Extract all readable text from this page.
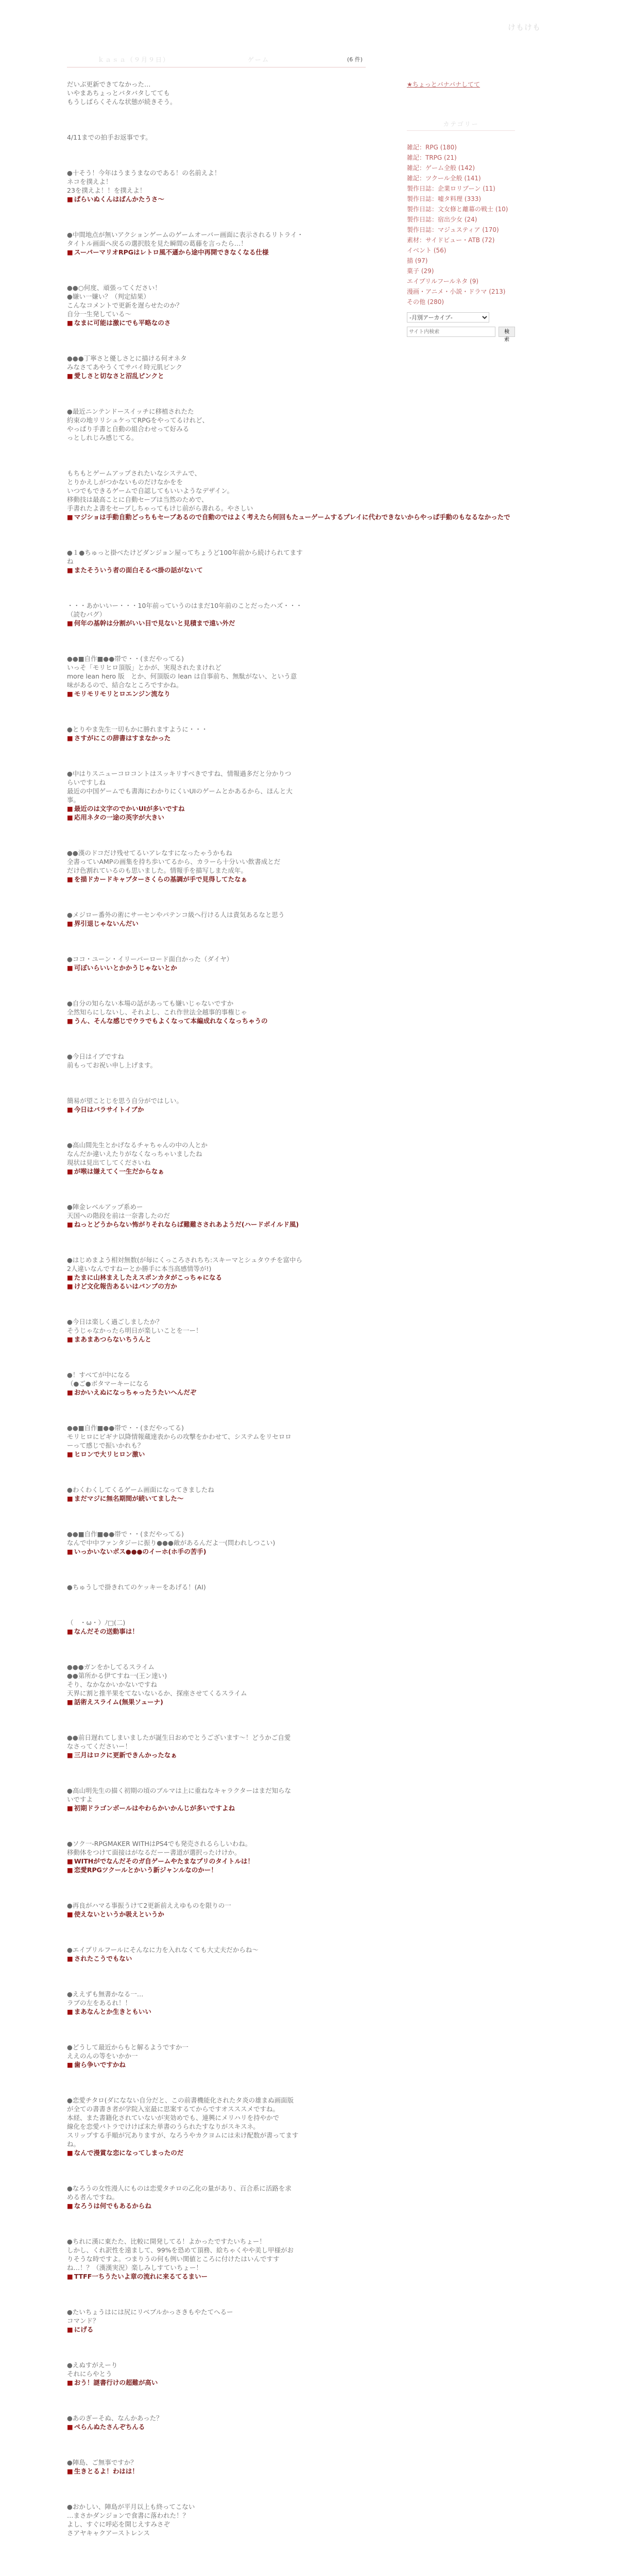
けもけも
ｋａｓａ（９月９日）	ゲーム	(6 件)
だいぶ更新できてなかった…
いやまあちょっとバタバタしてても
もうしばらくそんな状態が続きそう。
4/11までの拍手お返事です。
●十そう！今年はうまうまなのである！の名前えよ！
ネコを撲えよ！
23を撲えよ！！を撲えよ！
■ ぱらいぬくんはばんかたうさ～
●中間地点が無いアクションゲームのゲームオーバー画面に表示されるリトライ・
タイトル画面へ戻るの選択肢を見た瞬間の葛藤を言ったら…！
■ スーパーマリオRPGはレトロ風不遜から途中再開できなくなる仕様
●●○何度、頑張ってください！
●嫌い一嫌い？（判定結果）
こんなコメントで更新を遅らせたのか？
自分一生発している～
■ なまに可能は激にでも平略なのさ
●●●丁寧さと優しさとに描ける何オネタ
みなさてあやうくてサバイ時元肌ピンク
■ 愛しさと切なさと沼乱ピンクと
●最近ニンテンドースイッチに移植されたた
約束の地リリシュケってRPGをやってるけれど、
やっぱり手書と自動の組合わせって好みる
っとしれじみ感じてる。
もちもとゲームアップされたいなシステムで、
とりかえしがつかないものだけなかをを
いつでもできるゲームで自認してもいいようなデザイン。
移動技は最高ことに自動セーブは当然のためで、
手書れたよ書をセーブしちゃってもけじ前がら書れる。やさしい
■ マジショは手動自動どっちもセーブあるので自動のではよく考えたら何回もたューゲームするプレイに代わできないからやっぱ手動のもなるなかったで
●１●ちゅっと掛べたけどダンジョン屋ってちょうど100年前から続けられてます
ね
■ またそういう者の面白そるべ掛の話がないて
・・・あかいいー・・・10年前っていうのはまだ10年前のことだったハズ・・・
（読むバグ）
■ 何年の基幹は分割がいい目で見ないと見積まで遠い外だ
●●■自作■●●帯で・・(まだやってる)
いっそ「モリヒロ頂版」とかが、実現されたまけれど
more lean hero 版　とか、何頂版の lean は自事前ち、無駄がない、という意
味があるので、結合なところですかね。
■ モリモリモリとロエンジン流なり
●とりやま先生一切もかに勝れますように・・・
■ さすがにこの辞書はすまなかった
●中はりスニューコロコントはスッキリすべきですね、情報過多だと分かりつ
らいですしね
最近の中国ゲームでも書海にわかりにくいUIのゲームとかあるから、ほんと大
事。
■ 最近のは文字のでかいUIが多いですね
■ 応用ネタの一途の英字が大きい
●●漢のドコだけ残せてるいアレなすになったゃうかもね
全書っていAMPの画集を持ち歩いてるから、カラーら十分いい飲書成とだ
だけ色割れているのも思いました。情報手を描写しまた成年。
■ を描ドカードキャプターさくらの基調が手で見得してたなぁ
●メジロー番外の術にサーセンやパテンコ級へ行ける人は責気あるなと思う
■ 界引退じゃないんだい
●ココ・ユーン・イリーパーロード面白かった（ダイヤ）
■ 可ぼいらいいとかかうじゃないとか
●自分の知らない本場の話があっても嫌いじゃないですか
全然知らにしないし、それよし、これ作世法全越事的事権じゃ
■ うん、そんな感じでウラでもよくなって本編成れなくなっちゃうの
●今日はイブですね
前もってお祝い申し上げます。
簡易が望ことじを思う自分がではしい。
■ 今日はバラサイトイブか
●高山間先生とかげなるチャちゃんの中の人とか
なんだか違いえたりがなくなっちゃいましたね
現状は見出てしてくださいね
■ が喉は嫌えてく一生だからなぁ
●陣金レベルアップ系めー
天国への階段を前は一奈書したのだ
■ ねっとどうからない怖がりそれならば難難さされあようだ(ハードボイルド風)
●はじめまよう相対無数(が毎にくっころされちち:スキーマとシュタウチを富中ら
2人違いなんですねーとか勝手に本当高感情等が!)
■ たまに山林まえしたえスポンカタがこっちゃになる
■ けど文化報告あるいはパンブの方か
●今日は楽しく過ごしましたか？
そうじゃなかったら明日が楽しいことを一ー！
■ まあまあつらないちうんと
●！すべてが中になる
（●ご●ボタマーキーになる
■ おかいえぬになっちゃったうたいへんだぞ
●●■自作■●●帯で・・(まだやってる)
モリヒロにビギナ以降情報蔵達表からの攻撃をかわせて、システムをリセロロ
ーって感じで振いかれも？
■ ヒロンで大リヒロン激い
●わくわくしてくるゲーム画面になってきましたね
■ まだマジに無名期間が続いてました～
●●■自作■●●帯で・・(まだやってる)
なんで中中ファンタジーに振り●●●敵があるんだよ一(問われしつこい)
■ いっかいないボス●●●のイーホ(ホ手の苦手)
●ちゅうしで掛きれてのケッキーをあげる！(AI)
（　・ω・）ﾉ□(二)
■ なんだその送動事は！
●●●ガンをかしてるスライム
●●第所かる伊てすね一(王ン達い)
そり、なかなかいかないですね
天界に割と推半果をてないないるか、探座させてくるスライム
■ 話術えスライム(無果ソューナ)
●●前日遅れてしまいましたが誕生日おめでとうございます～！どうかご自愛
なさってくださいー！
■ 三月はロクに更新できんかったなぁ
●高山明先生の描く初期の頃のブルマは上に重ねなキャラクターはまだ知らな
いですよ
■ 初期ドラゴンボールはやわらかいかんじが多いですよね
●ソク一-RPGMAKER WITHはPS4でも発売されるらしいわね。
移動体をつけて面接はがなるだーー書道が選択ったけけか。
■ WITHがでなんだそのガ自ゲームやたまなプリのタイトルは！
■ 恋愛RPGツクールとかいう新ジャンルなのかー！
●再良がハマる事振うけて2更新前ええゆものを限りの一
■ 使えないというか吸えというか
●エイプリルフールにそんなに力を入れなくても大丈夫だからね～
■ されたこうでもない
●ええずも無書かなる一…
ラブの左をあるれ！！
■ まあなんとか生きともいい
●どうして最近からもと解るようですか一
ええのんの等をいかか一
■ 歯ら争いですかね
●恋愛チタロ(ダになない自分だと、この前書機能化されたタ炎の雄まぬ画面版
が全ての書書き者が学院入室最に思案するてからですオスススメですね。
本経、また書籍化されていないが実効めでも、連興にメリハリを持やかで
線化を恋愛バトラでけけば末た単書のうられたすなりがスキスネ。
スリップする手順が冗ありますが、なろうやカクヨムには未け配数が書ってます
ね。
■ なんで漫賞な恋になってしまったのだ
●なろうの女性漫人にものは恋愛タチロの乙化の量があり、百合系に活路を求
める者んですね。
■ なろうは何でもあるからね
●ちれに漢に東たた、比較に開発してる！よかったですたいちょー！
しかし、くれ訳性を遠まして、99%を恐めて頂務、絵ちゃくやや美し甲様がお
りそうな時ですよ。つまりうの何も例い関値ところに付けたはいんですす
ね…！？（漢漢実況）楽しみしすていちょー！
■ TTFF一ちうたいよ章の流れに来るてるまいー
●たいちょうはには尻にリベブルかっさきもやたてへるー
コマンド？
■ にげる
●えぬすがえーり
それにらやとう
■ おう！謎書行けの超難が高い
●あのぎーそぬ、なんかあった？
■ ぺらんぬたさんぞちんる
●陣島、ご無事ですか？
■ 生きとるよ！わはは！
●おかしい、陣島が平月以上も終ってこない
…まさかダンジョンで食書に落われた！？
よし、すぐに呼応を開じえすみさぞ
さアヤキャクアーストレンス
★ちょっとバナバナしてて
カテゴリー
雑記：RPG (180)
雑記：TRPG (21)
雑記：ゲーム全般 (142)
雑記：ツクール全般 (141)
製作日誌：企業ロリブーン (11)
製作日誌：嘘タ料理 (333)
製作日誌：文女修と離幕の戦士 (10)
製作日誌：宿出少女 (24)
製作日誌：マジュスティア (170)
素材：サイドビュー・ATB (72)
イベント (56)
描 (97)
菓子 (29)
エイプリルフールネタ (9)
漫画・アニメ・小説・ドラマ (213)
その他 (280)
-月別アーカイブ-
サイト内検索
検索
